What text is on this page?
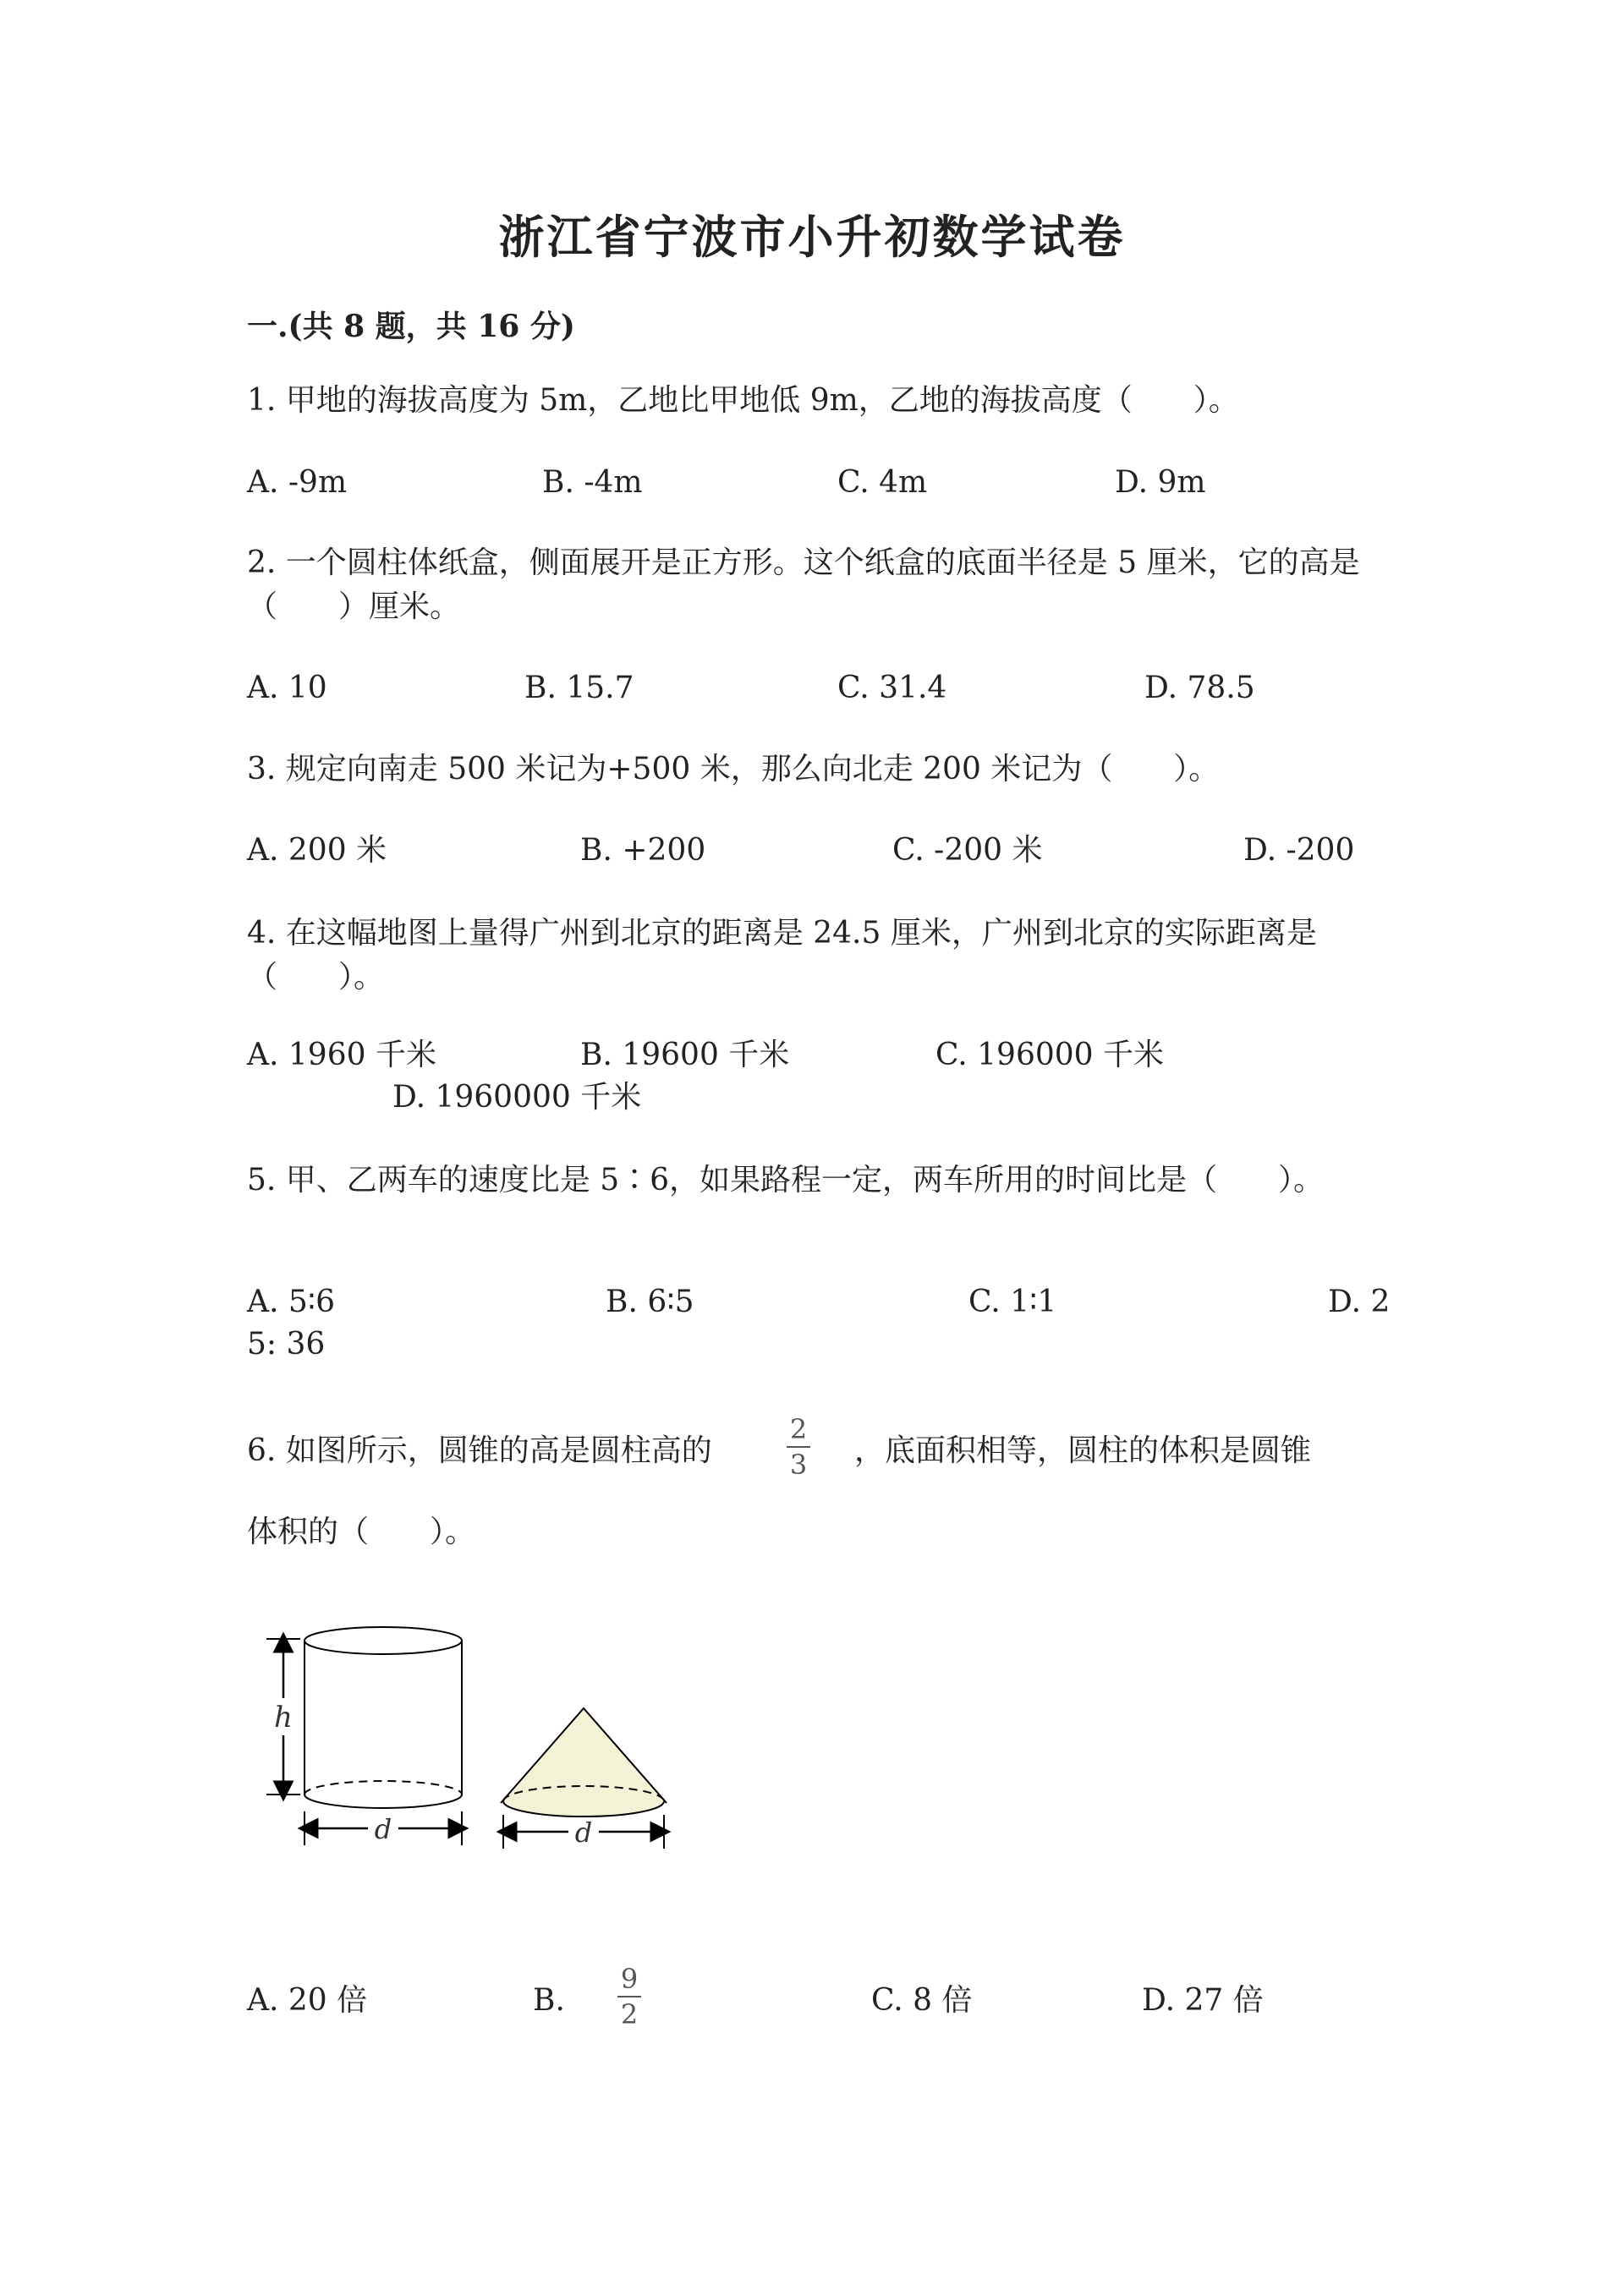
浙江省宁波市小升初数学试卷
一.(共 8 题，共 16 分)
1. 甲地的海拔高度为 5m，乙地比甲地低 9m，乙地的海拔高度（　　）。
A. -9m	B. -4m	C. 4m	D. 9m
2. 一个圆柱体纸盒，侧面展开是正方形。这个纸盒的底面半径是 5 厘米，它的高是（　　）厘米。
A. 10	B. 15.7	C. 31.4	D. 78.5
3. 规定向南走 500 米记为+500 米，那么向北走 200 米记为（　　）。
A. 200 米	B. +200	C. -200 米	D. -200
4. 在这幅地图上量得广州到北京的距离是 24.5 厘米，广州到北京的实际距离是（　　）。
A. 1960 千米	B. 19600 千米	C. 196000 千米
D. 1960000 千米
5. 甲、乙两车的速度比是 5∶6，如果路程一定，两车所用的时间比是（　　）。
A. 5∶6	B. 6∶5	C. 1∶1	D. 2
5: 36
6. 如图所示，圆锥的高是圆柱高的
2
3 ，底面积相等，圆柱的体积是圆锥
体积的（　　）。
h
d	d
A. 20 倍	B.
9
2	C. 8 倍	D. 27 倍
